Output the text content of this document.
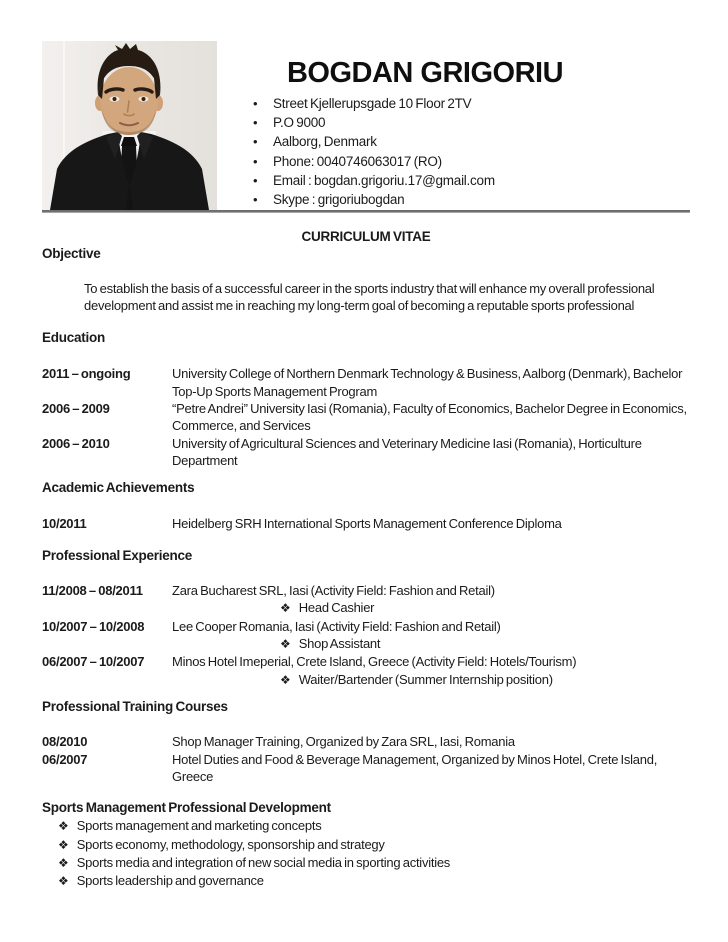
BOGDAN GRIGORIU
• Street Kjellerupsgade 10 Floor 2TV
• P.O 9000
• Aalborg, Denmark
• Phone: 0040746063017 (RO)
• Email : bogdan.grigoriu.17@gmail.com
• Skype : grigoriubogdan
CURRICULUM VITAE
Objective
To establish the basis of a successful career in the sports industry that will enhance my overall professional development and assist me in reaching my long-term goal of becoming a reputable sports professional
Education
2011 – ongoing	University College of Northern Denmark Technology & Business, Aalborg (Denmark), Bachelor Top-Up Sports Management Program
2006 – 2009	“Petre Andrei” University Iasi (Romania), Faculty of Economics, Bachelor Degree in Economics, Commerce, and Services
2006 – 2010	University of Agricultural Sciences and Veterinary Medicine Iasi (Romania), Horticulture Department
Academic Achievements
10/2011	Heidelberg SRH International Sports Management Conference Diploma
Professional Experience
11/2008 – 08/2011	Zara Bucharest SRL, Iasi (Activity Field: Fashion and Retail)
❖ Head Cashier
10/2007 – 10/2008	Lee Cooper Romania, Iasi (Activity Field: Fashion and Retail)
❖ Shop Assistant
06/2007 – 10/2007	Minos Hotel Imeperial, Crete Island, Greece (Activity Field: Hotels/Tourism)
❖ Waiter/Bartender (Summer Internship position)
Professional Training Courses
08/2010	Shop Manager Training, Organized by Zara SRL, Iasi, Romania
06/2007	Hotel Duties and Food & Beverage Management, Organized by Minos Hotel, Crete Island, Greece
Sports Management Professional Development
❖ Sports management and marketing concepts
❖ Sports economy, methodology, sponsorship and strategy
❖ Sports media and integration of new social media in sporting activities
❖ Sports leadership and governance
